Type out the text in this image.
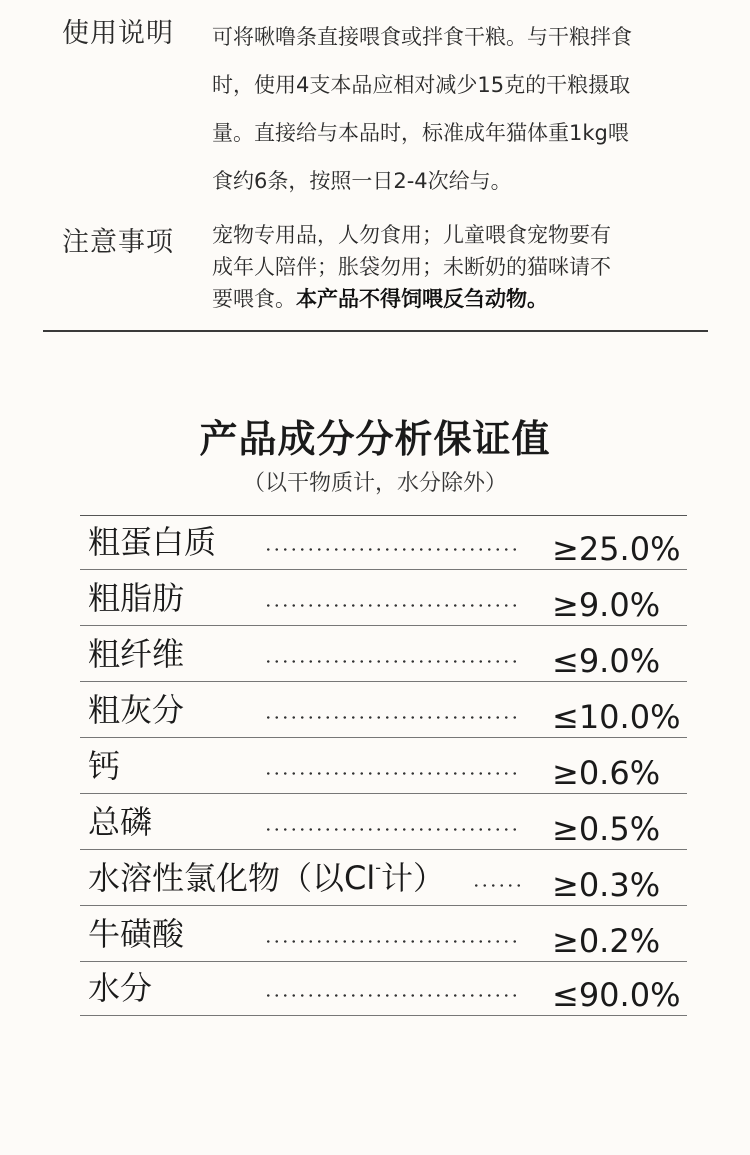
使用说明	可将啾噜条直接喂食或拌食干粮。与干粮拌食
时，使用4支本品应相对减少15克的干粮摄取
量。直接给与本品时，标准成年猫体重1kg喂
食约6条，按照一日2-4次给与。
注意事项	宠物专用品，人勿食用；儿童喂食宠物要有
成年人陪伴；胀袋勿用；未断奶的猫咪请不
要喂食。本产品不得饲喂反刍动物。
产品成分分析保证值
（以干物质计，水分除外）
粗蛋白质	≥25.0%
粗脂肪	≥9.0%
粗纤维	≤9.0%
粗灰分	≤10.0%
钙	≥0.6%
总磷	≥0.5%
水溶性氯化物（以Cl-计）	≥0.3%
牛磺酸	≥0.2%
水分	≤90.0%
